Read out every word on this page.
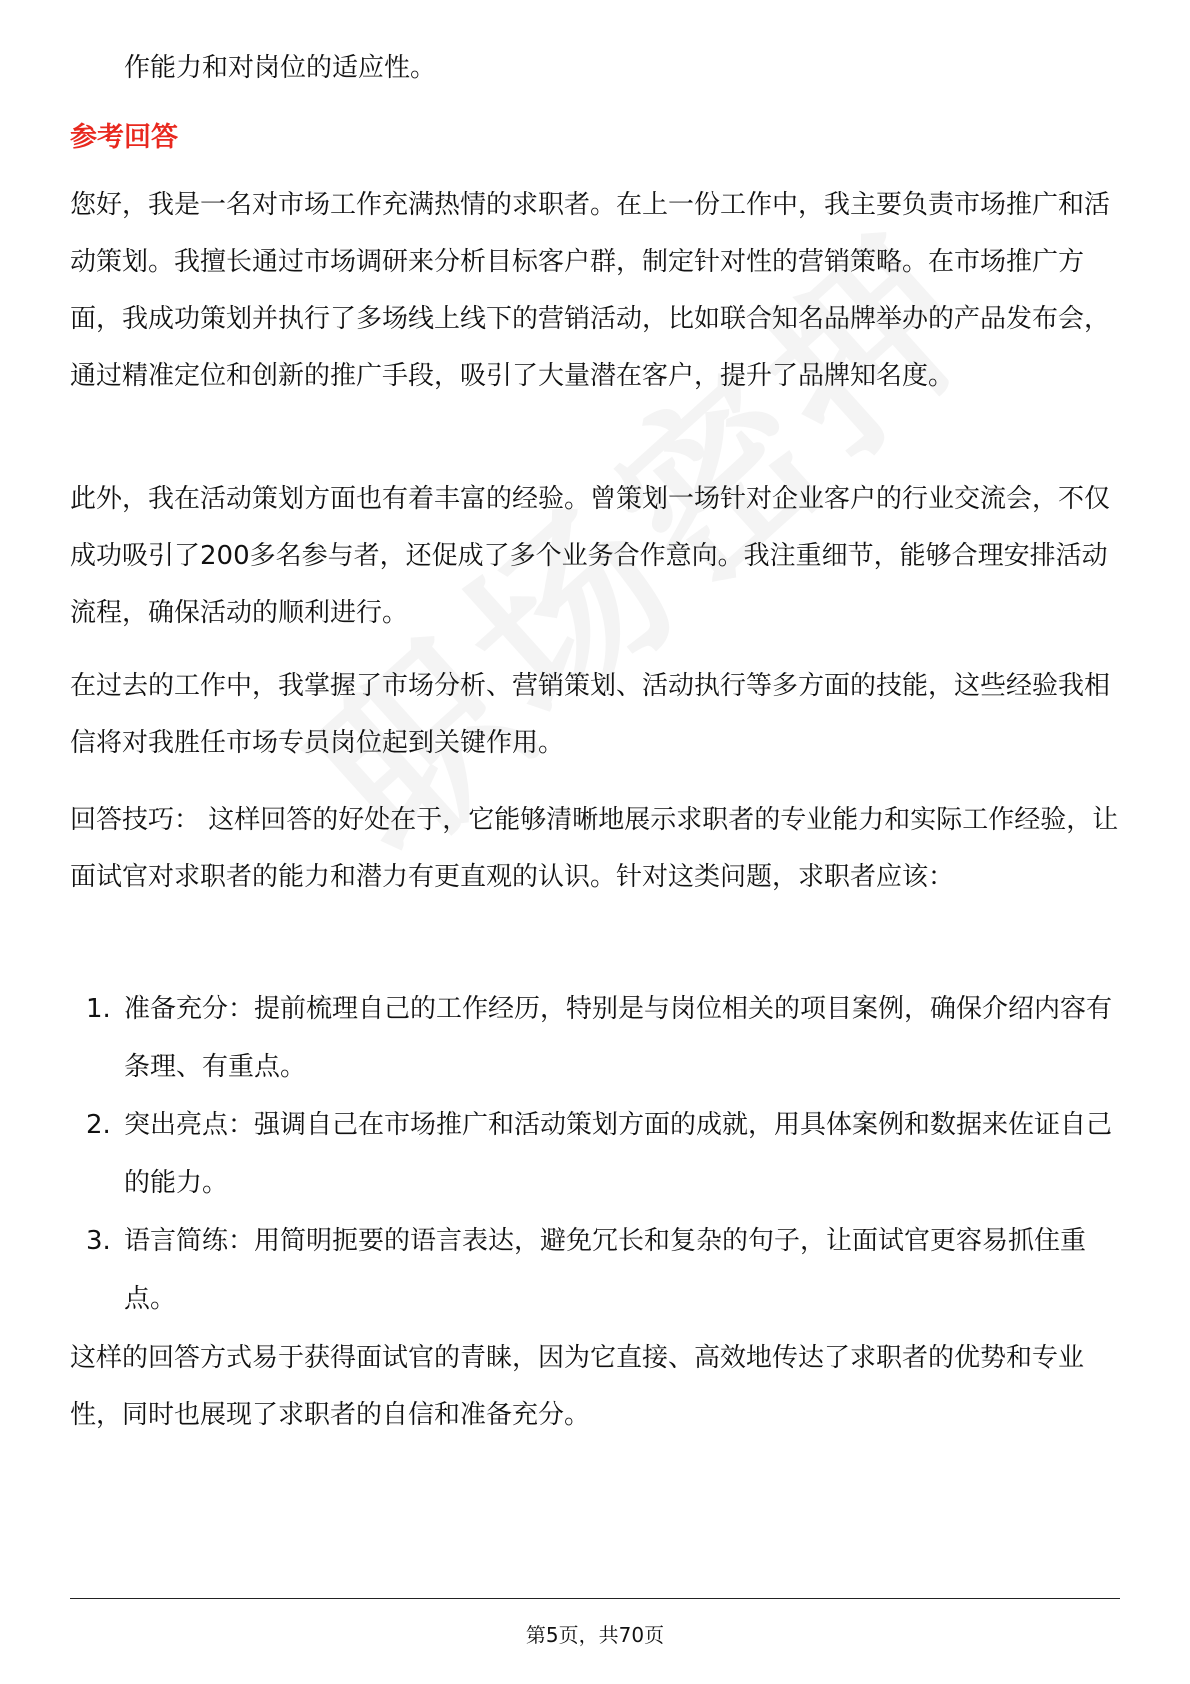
作能力和对岗位的适应性。

参考回答

您好，我是一名对市场工作充满热情的求职者。在上一份工作中，我主要负责市场推广和活动策划。我擅长通过市场调研来分析目标客户群，制定针对性的营销策略。在市场推广方面，我成功策划并执行了多场线上线下的营销活动，比如联合知名品牌举办的产品发布会，通过精准定位和创新的推广手段，吸引了大量潜在客户，提升了品牌知名度。

此外，我在活动策划方面也有着丰富的经验。曾策划一场针对企业客户的行业交流会，不仅成功吸引了200多名参与者，还促成了多个业务合作意向。我注重细节，能够合理安排活动流程，确保活动的顺利进行。

在过去的工作中，我掌握了市场分析、营销策划、活动执行等多方面的技能，这些经验我相信将对我胜任市场专员岗位起到关键作用。

回答技巧： 这样回答的好处在于，它能够清晰地展示求职者的专业能力和实际工作经验，让面试官对求职者的能力和潜力有更直观的认识。针对这类问题，求职者应该：

1. 准备充分：提前梳理自己的工作经历，特别是与岗位相关的项目案例，确保介绍内容有条理、有重点。
2. 突出亮点：强调自己在市场推广和活动策划方面的成就，用具体案例和数据来佐证自己的能力。
3. 语言简练：用简明扼要的语言表达，避免冗长和复杂的句子，让面试官更容易抓住重点。

这样的回答方式易于获得面试官的青睐，因为它直接、高效地传达了求职者的优势和专业性，同时也展现了求职者的自信和准备充分。

第5页，共70页
